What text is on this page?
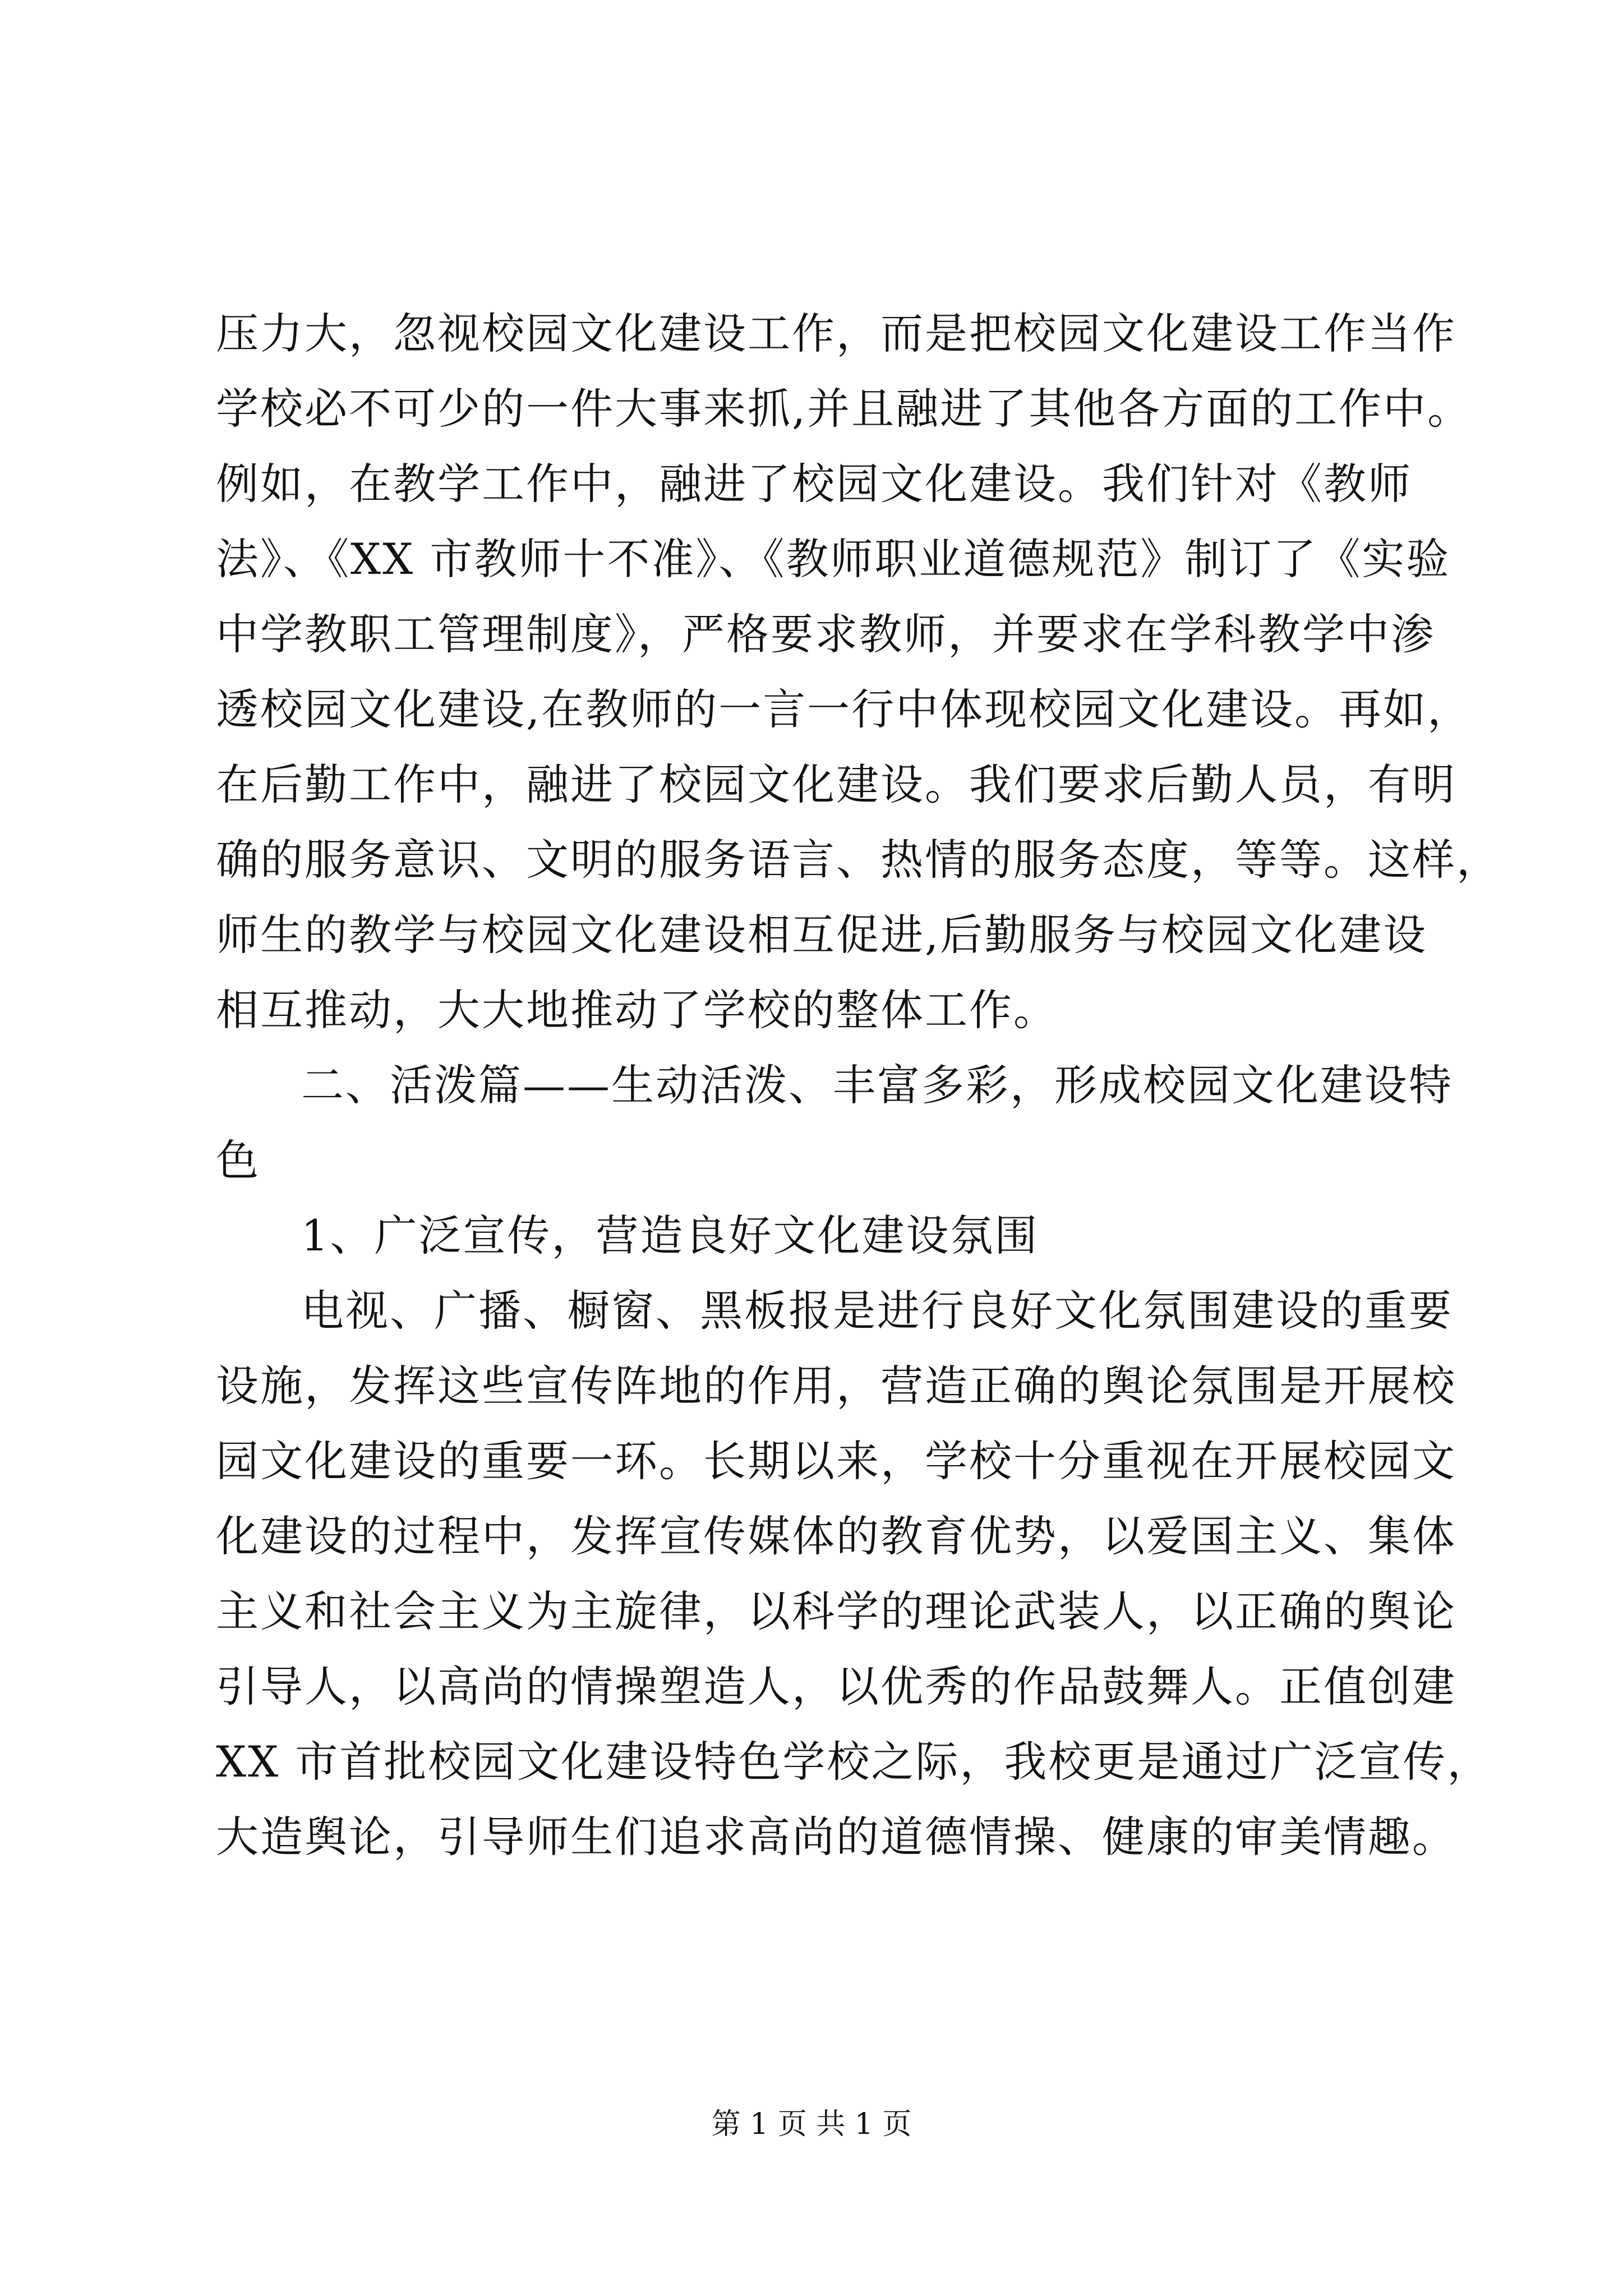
压力大，忽视校园文化建设工作，而是把校园文化建设工作当作
学校必不可少的一件大事来抓,并且融进了其他各方面的工作中。
例如，在教学工作中，融进了校园文化建设。我们针对《教师
法》、《XX 市教师十不准》、《教师职业道德规范》制订了《实验
中学教职工管理制度》，严格要求教师，并要求在学科教学中渗
透校园文化建设,在教师的一言一行中体现校园文化建设。再如，
在后勤工作中，融进了校园文化建设。我们要求后勤人员，有明
确的服务意识、文明的服务语言、热情的服务态度，等等。这样，
师生的教学与校园文化建设相互促进,后勤服务与校园文化建设
相互推动，大大地推动了学校的整体工作。
二、活泼篇——生动活泼、丰富多彩，形成校园文化建设特
色
1、广泛宣传，营造良好文化建设氛围
电视、广播、橱窗、黑板报是进行良好文化氛围建设的重要
设施，发挥这些宣传阵地的作用，营造正确的舆论氛围是开展校
园文化建设的重要一环。长期以来，学校十分重视在开展校园文
化建设的过程中，发挥宣传媒体的教育优势，以爱国主义、集体
主义和社会主义为主旋律，以科学的理论武装人，以正确的舆论
引导人，以高尚的情操塑造人，以优秀的作品鼓舞人。正值创建
XX 市首批校园文化建设特色学校之际，我校更是通过广泛宣传，
大造舆论，引导师生们追求高尚的道德情操、健康的审美情趣。
第 1 页 共 1 页
